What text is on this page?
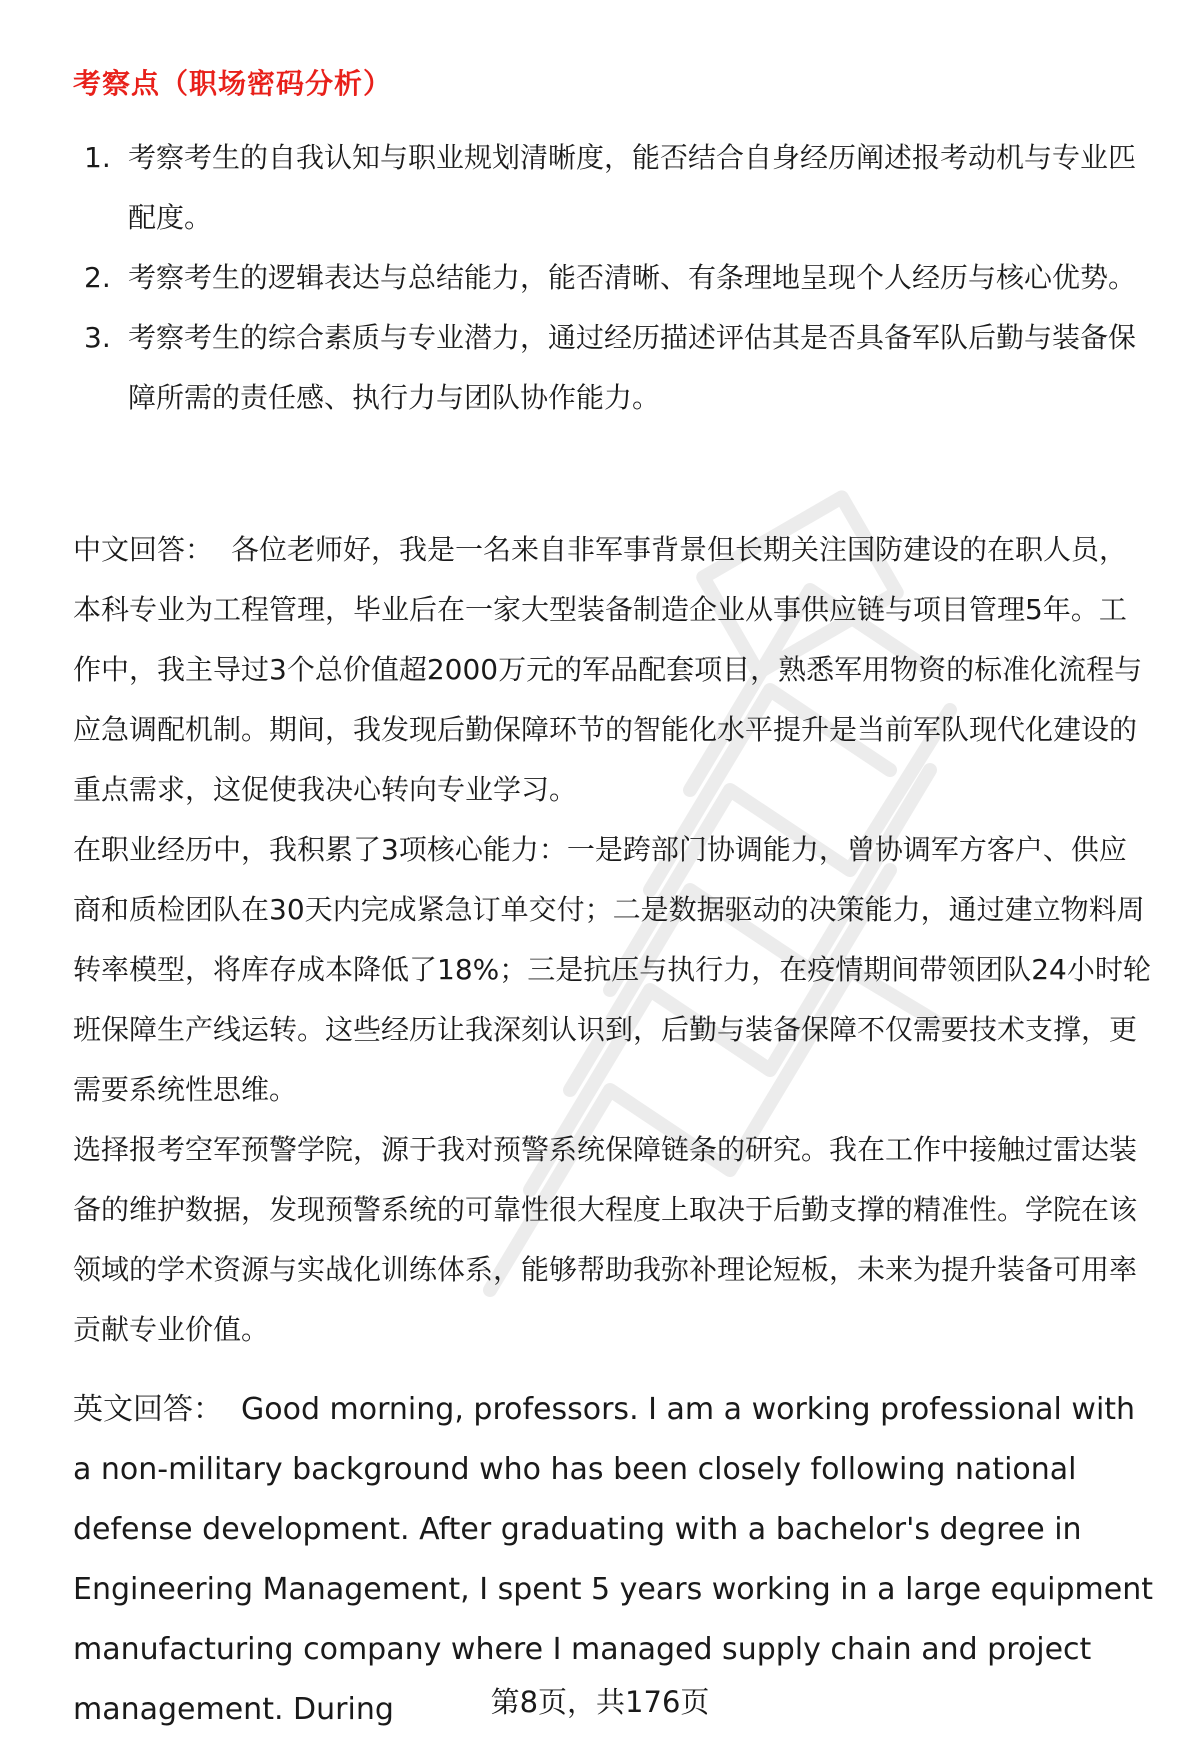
考察点（职场密码分析）
1. 考察考生的自我认知与职业规划清晰度，能否结合自身经历阐述报考动机与专业匹配度。
2. 考察考生的逻辑表达与总结能力，能否清晰、有条理地呈现个人经历与核心优势。
3. 考察考生的综合素质与专业潜力，通过经历描述评估其是否具备军队后勤与装备保障所需的责任感、执行力与团队协作能力。

中文回答： 各位老师好，我是一名来自非军事背景但长期关注国防建设的在职人员，本科专业为工程管理，毕业后在一家大型装备制造企业从事供应链与项目管理5年。工作中，我主导过3个总价值超2000万元的军品配套项目，熟悉军用物资的标准化流程与应急调配机制。期间，我发现后勤保障环节的智能化水平提升是当前军队现代化建设的重点需求，这促使我决心转向专业学习。

在职业经历中，我积累了3项核心能力：一是跨部门协调能力，曾协调军方客户、供应商和质检团队在30天内完成紧急订单交付；二是数据驱动的决策能力，通过建立物料周转率模型，将库存成本降低了18%；三是抗压与执行力，在疫情期间带领团队24小时轮班保障生产线运转。这些经历让我深刻认识到，后勤与装备保障不仅需要技术支撑，更需要系统性思维。

选择报考空军预警学院，源于我对预警系统保障链条的研究。我在工作中接触过雷达装备的维护数据，发现预警系统的可靠性很大程度上取决于后勤支撑的精准性。学院在该领域的学术资源与实战化训练体系，能够帮助我弥补理论短板，未来为提升装备可用率贡献专业价值。

英文回答： Good morning, professors. I am a working professional with a non-military background who has been closely following national defense development. After graduating with a bachelor's degree in Engineering Management, I spent 5 years working in a large equipment manufacturing company where I managed supply chain and project management. During	第8页，共176页
